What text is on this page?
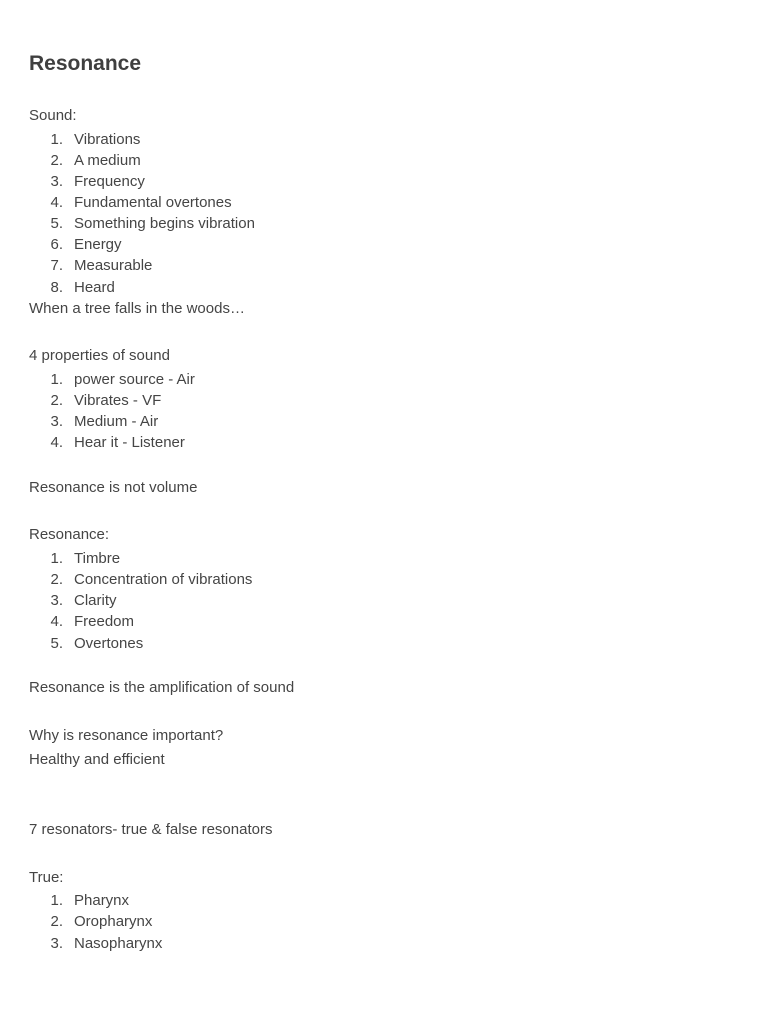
Resonance

Sound:

1. Vibrations
2. A medium
3. Frequency
4. Fundamental overtones
5. Something begins vibration
6. Energy
7. Measurable
8. Heard

When a tree falls in the woods…

4 properties of sound

1. power source - Air
2. Vibrates - VF
3. Medium - Air
4. Hear it - Listener

Resonance is not volume

Resonance:

1. Timbre
2. Concentration of vibrations
3. Clarity
4. Freedom
5. Overtones

Resonance is the amplification of sound

Why is resonance important?

Healthy and efficient

7 resonators- true & false resonators

True:

1. Pharynx
2. Oropharynx
3. Nasopharynx
